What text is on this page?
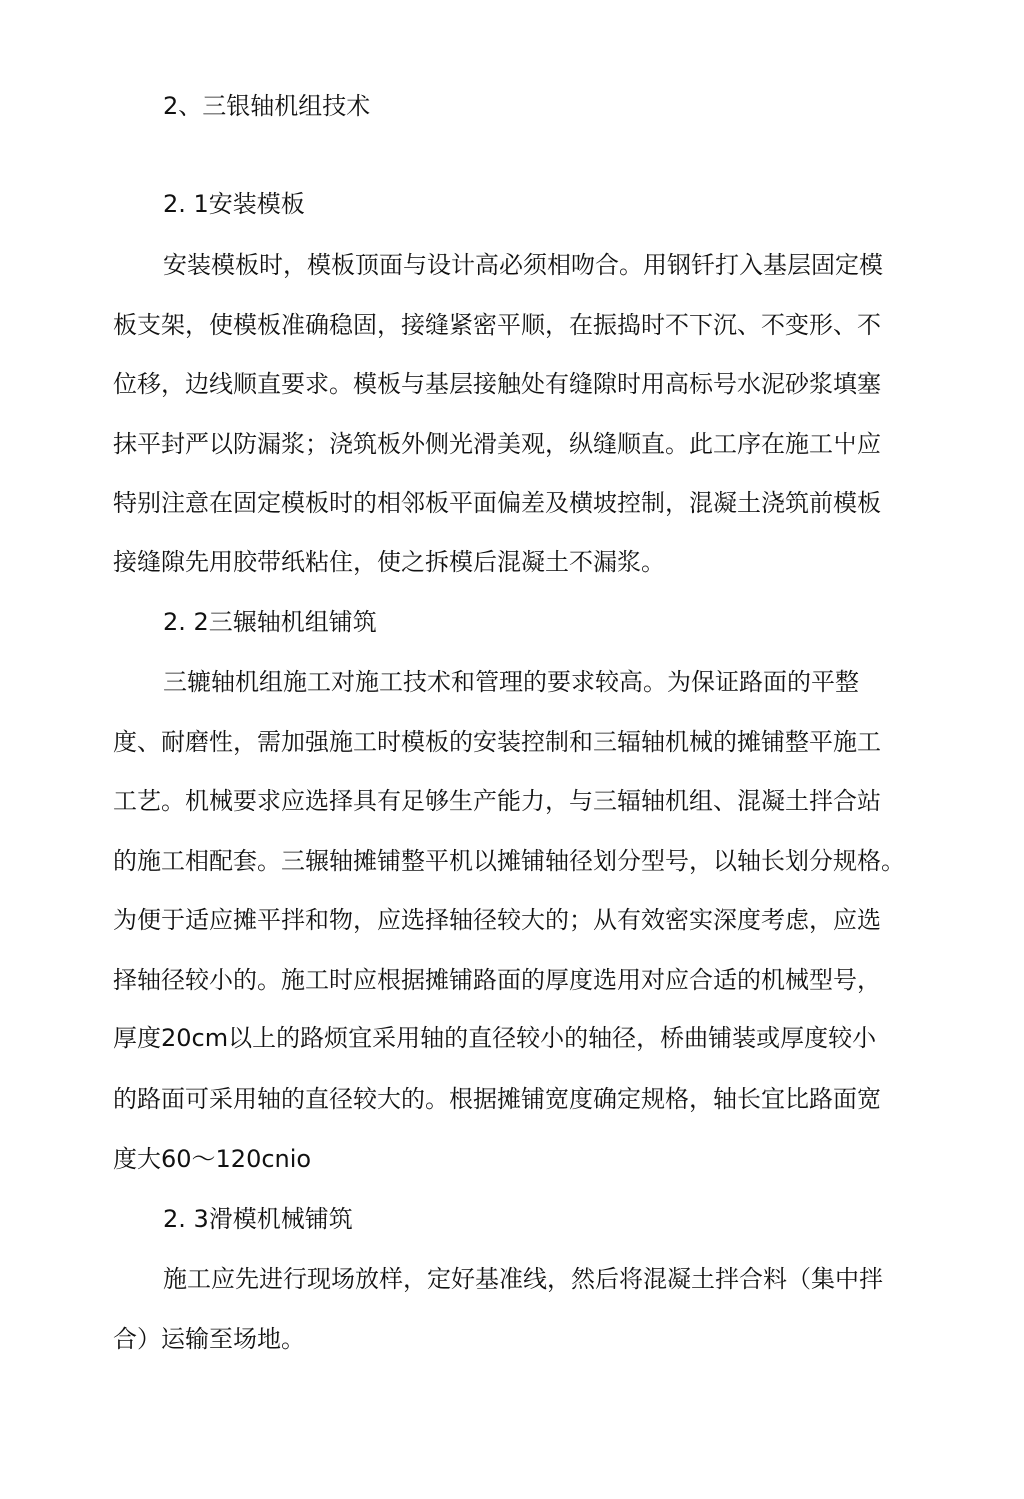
2、三银轴机组技术
2. 1安装模板
安装模板时，模板顶面与设计高必须相吻合。用钢钎打入基层固定模
板支架，使模板准确稳固，接缝紧密平顺，在振捣时不下沉、不变形、不
位移，边线顺直要求。模板与基层接触处有缝隙时用高标号水泥砂浆填塞
抹平封严以防漏浆；浇筑板外侧光滑美观，纵缝顺直。此工序在施工屮应
特别注意在固定模板时的相邻板平面偏差及横坡控制，混凝土浇筑前模板
接缝隙先用胶带纸粘住，使之拆模后混凝土不漏浆。
2. 2三辗轴机组铺筑
三辘轴机组施工对施工技术和管理的要求较高。为保证路面的平整
度、耐磨性，需加强施工时模板的安装控制和三辐轴机械的摊铺整平施工
工艺。机械要求应选择具有足够生产能力，与三辐轴机组、混凝土拌合站
的施工相配套。三辗轴摊铺整平机以摊铺轴径划分型号，以轴长划分规格。
为便于适应摊平拌和物，应选择轴径较大的；从有效密实深度考虑，应选
择轴径较小的。施工时应根据摊铺路面的厚度选用对应合适的机械型号，
厚度20cm以上的路烦宜采用轴的直径较小的轴径，桥曲铺装或厚度较小
的路面可采用轴的直径较大的。根据摊铺宽度确定规格，轴长宜比路面宽
度大60〜120cnio
2. 3滑模机械铺筑
施工应先进行现场放样，定好基准线，然后将混凝土拌合料（集中拌
合）运输至场地。
